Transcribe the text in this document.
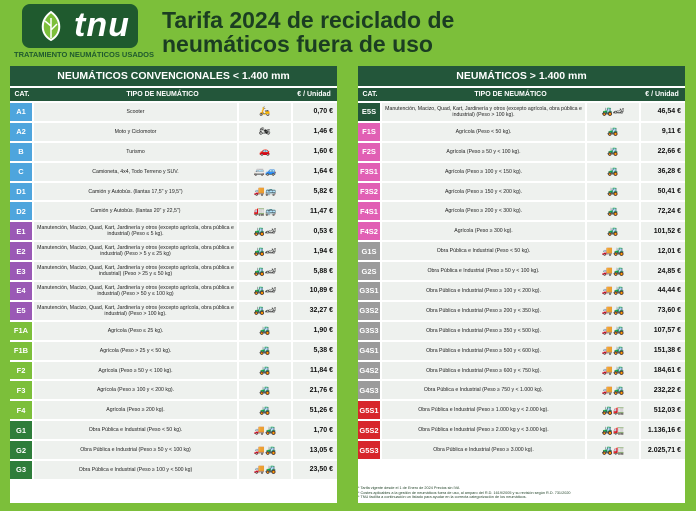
tnu
TRATAMIENTO NEUMÁTICOS USADOS
Tarifa 2024 de reciclado de
neumáticos fuera de uso
NEUMÁTICOS CONVENCIONALES < 1.400 mm
CAT.	TIPO DE NEUMÁTICO	€ / Unidad
A1	Scooter	🛵	0,70 €
A2	Moto y Ciclomotor	🏍	1,46 €
B	Turismo	🚗	1,60 €
C	Camioneta, 4x4, Todo Terreno y SUV.	🚐🚙	1,64 €
D1	Camión y Autobús. (llantas 17,5" y 19,5")	🚚🚌	5,82 €
D2	Camión y Autobús. (llantas 20" y 22,5")	🚛🚌	11,47 €
E1	Manutención, Macizo, Quad, Kart, Jardinería y otros (excepto agrícola, obra pública e industrial) (Peso ≤ 5 kg).	🚜🏎	0,53 €
E2	Manutención, Macizo, Quad, Kart, Jardinería y otros (excepto agrícola, obra pública e industrial) (Peso > 5 y ≤ 25 kg)	🚜🏎	1,94 €
E3	Manutención, Macizo, Quad, Kart, Jardinería y otros (excepto agrícola, obra pública e industrial) (Peso > 25 y ≤ 50 kg)	🚜🏎	5,88 €
E4	Manutención, Macizo, Quad, Kart, Jardinería y otros (excepto agrícola, obra pública e industrial) (Peso > 50 y ≤ 100 kg)	🚜🏎	10,89 €
E5	Manutención, Macizo, Quad, Kart, Jardinería y otros (excepto agrícola, obra pública e industrial) (Peso > 100 kg).	🚜🏎	32,27 €
F1A	Agrícola (Peso ≤ 25 kg).	🚜	1,90 €
F1B	Agrícola (Peso > 25 y < 50 kg).	🚜	5,38 €
F2	Agrícola (Peso ≥ 50 y < 100 kg).	🚜	11,84 €
F3	Agrícola (Peso ≥ 100 y < 200 kg).	🚜	21,76 €
F4	Agrícola (Peso ≥ 200 kg).	🚜	51,26 €
G1	Obra Pública e Industrial (Peso < 50 kg).	🚚🚜	1,70 €
G2	Obra Pública e Industrial (Peso ≥ 50 y < 100 kg)	🚚🚜	13,05 €
G3	Obra Pública e Industrial (Peso ≥ 100 y < 500 kg)	🚚🚜	23,50 €
NEUMÁTICOS > 1.400 mm
CAT.	TIPO DE NEUMÁTICO	€ / Unidad
E5S	Manutención, Macizo, Quad, Kart, Jardinería y otros (excepto agrícola, obra pública e industrial) (Peso > 100 kg).	🚜🏎	46,54 €
F1S	Agrícola (Peso < 50 kg).	🚜	9,11 €
F2S	Agrícola (Peso ≥ 50 y < 100 kg).	🚜	22,66 €
F3S1	Agrícola (Peso ≥ 100 y < 150 kg).	🚜	36,28 €
F3S2	Agrícola (Peso ≥ 150 y < 200 kg).	🚜	50,41 €
F4S1	Agrícola (Peso ≥ 200 y < 300 kg).	🚜	72,24 €
F4S2	Agrícola (Peso ≥ 300 kg).	🚜	101,52 €
G1S	Obra Pública e Industrial (Peso < 50 kg).	🚚🚜	12,01 €
G2S	Obra Pública e Industrial (Peso ≥ 50 y < 100 kg).	🚚🚜	24,85 €
G3S1	Obra Pública e Industrial (Peso ≥ 100 y < 200 kg).	🚚🚜	44,44 €
G3S2	Obra Pública e Industrial (Peso ≥ 200 y < 350 kg).	🚚🚜	73,60 €
G3S3	Obra Pública e Industrial (Peso ≥ 350 y < 500 kg).	🚚🚜	107,57 €
G4S1	Obra Pública e Industrial (Peso ≥ 500 y < 600 kg).	🚚🚜	151,38 €
G4S2	Obra Pública e Industrial (Peso ≥ 600 y < 750 kg).	🚚🚜	184,61 €
G4S3	Obra Pública e Industrial (Peso ≥ 750 y < 1.000 kg).	🚚🚜	232,22 €
G5S1	Obra Pública e Industrial (Peso ≥ 1.000 kg y < 2.000 kg).	🚜🚛	512,03 €
G5S2	Obra Pública e Industrial (Peso ≥ 2.000 kg y < 3.000 kg).	🚜🚛	1.136,16 €
G5S3	Obra Pública e Industrial (Peso ≥ 3.000 kg).	🚜🚛	2.025,71 €
* Tarifa vigente desde el 1 de Enero de 2024 Precios sin IVA
* Costes aplicables a la gestión de neumáticos fuera de uso, al amparo del R.D. 1619/2005 y su revisión según R.D. 731/2020
* TNU facilita a continuación un listado para ayudar en la correcta categorización de los neumáticos.
